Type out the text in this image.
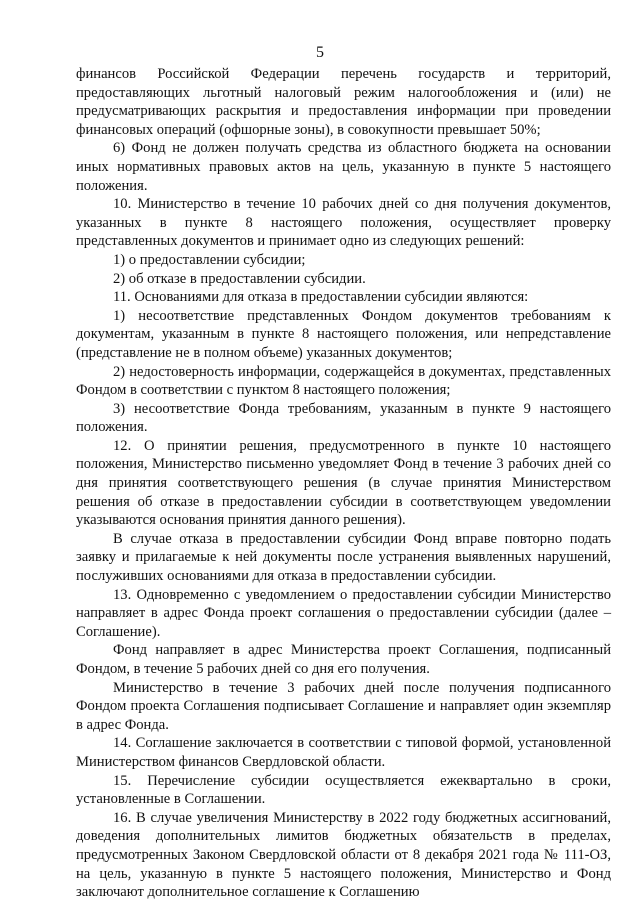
5

финансов Российской Федерации перечень государств и территорий, предоставляющих льготный налоговый режим налогообложения и (или) не предусматривающих раскрытия и предоставления информации при проведении финансовых операций (офшорные зоны), в совокупности превышает 50%;

6) Фонд не должен получать средства из областного бюджета на основании иных нормативных правовых актов на цель, указанную в пункте 5 настоящего положения.

10. Министерство в течение 10 рабочих дней со дня получения документов, указанных в пункте 8 настоящего положения, осуществляет проверку представленных документов и принимает одно из следующих решений:

1) о предоставлении субсидии;

2) об отказе в предоставлении субсидии.

11. Основаниями для отказа в предоставлении субсидии являются:

1) несоответствие представленных Фондом документов требованиям к документам, указанным в пункте 8 настоящего положения, или непредставление (представление не в полном объеме) указанных документов;

2) недостоверность информации, содержащейся в документах, представленных Фондом в соответствии с пунктом 8 настоящего положения;

3) несоответствие Фонда требованиям, указанным в пункте 9 настоящего положения.

12. О принятии решения, предусмотренного в пункте 10 настоящего положения, Министерство письменно уведомляет Фонд в течение 3 рабочих дней со дня принятия соответствующего решения (в случае принятия Министерством решения об отказе в предоставлении субсидии в соответствующем уведомлении указываются основания принятия данного решения).

В случае отказа в предоставлении субсидии Фонд вправе повторно подать заявку и прилагаемые к ней документы после устранения выявленных нарушений, послуживших основаниями для отказа в предоставлении субсидии.

13. Одновременно с уведомлением о предоставлении субсидии Министерство направляет в адрес Фонда проект соглашения о предоставлении субсидии (далее – Соглашение).

Фонд направляет в адрес Министерства проект Соглашения, подписанный Фондом, в течение 5 рабочих дней со дня его получения.

Министерство в течение 3 рабочих дней после получения подписанного Фондом проекта Соглашения подписывает Соглашение и направляет один экземпляр в адрес Фонда.

14. Соглашение заключается в соответствии с типовой формой, установленной Министерством финансов Свердловской области.

15. Перечисление субсидии осуществляется ежеквартально в сроки, установленные в Соглашении.

16. В случае увеличения Министерству в 2022 году бюджетных ассигнований, доведения дополнительных лимитов бюджетных обязательств в пределах, предусмотренных Законом Свердловской области от 8 декабря 2021 года № 111-ОЗ, на цель, указанную в пункте 5 настоящего положения, Министерство и Фонд заключают дополнительное соглашение к Соглашению
